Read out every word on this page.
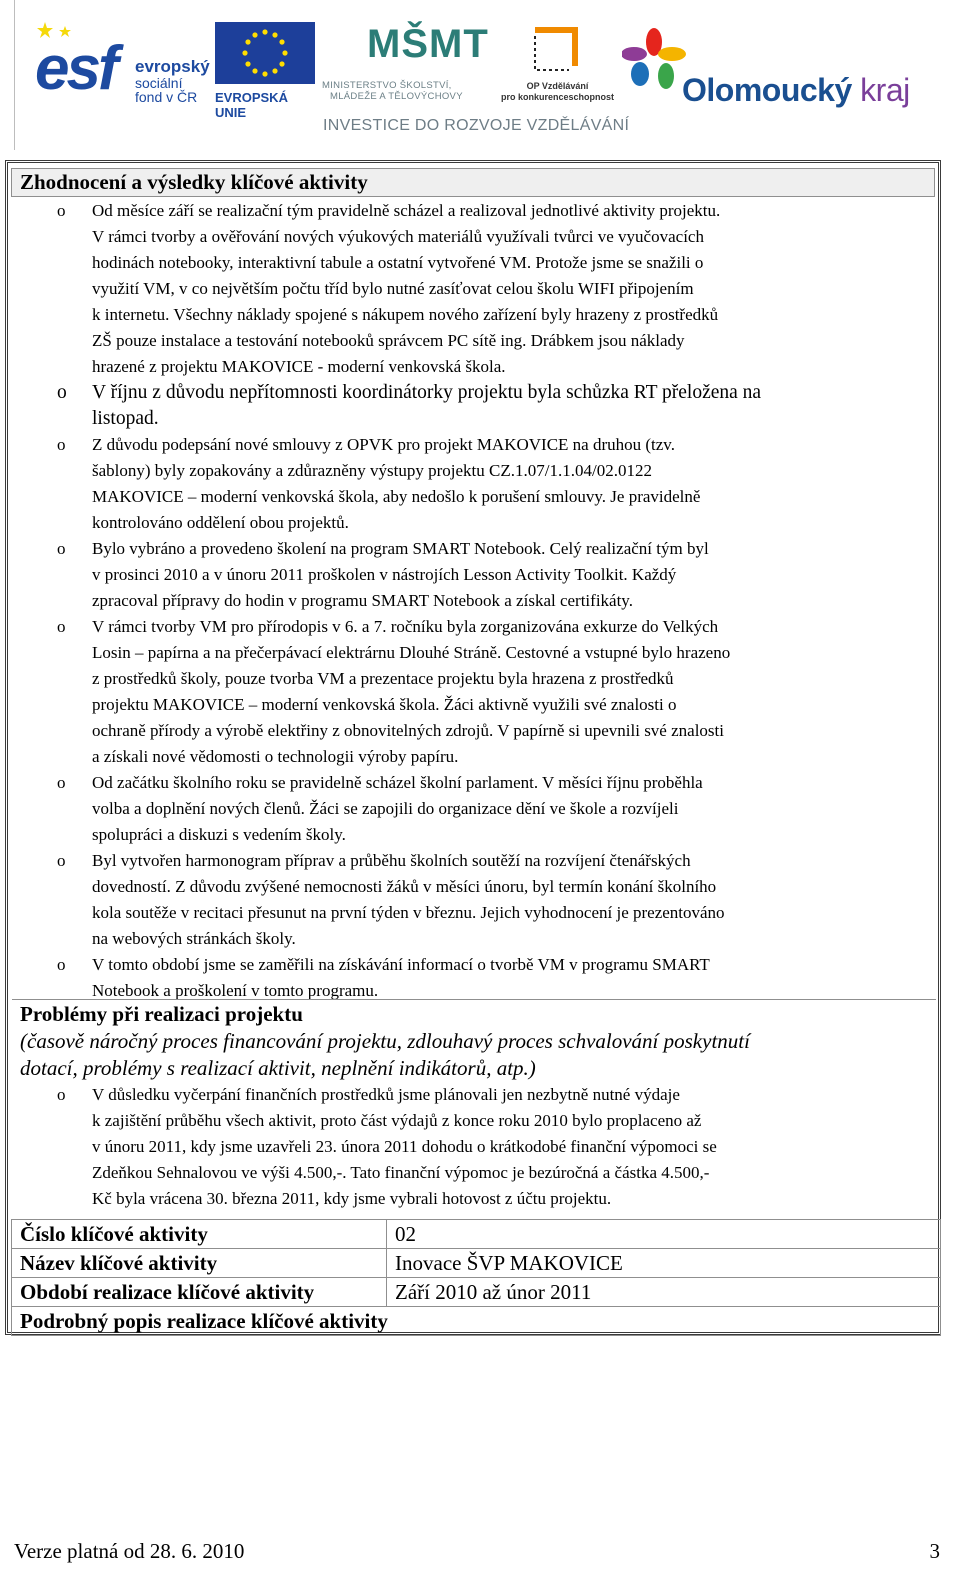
esf evropský
sociální
fond v ČR	EVROPSKÁ UNIE
MŠMT
MINISTERSTVO ŠKOLSTVÍ,
MLÁDEŽE A TĚLOVÝCHOVY
OP Vzdělávání
pro konkurenceschopnost Olomoucký kraj
INVESTICE DO ROZVOJE VZDĚLÁVÁNÍ
Zhodnocení a výsledky klíčové aktivity
o Od měsíce září se realizační tým pravidelně scházel a realizoval jednotlivé aktivity projektu.
V rámci tvorby a ověřování nových výukových materiálů využívali tvůrci ve vyučovacích
hodinách notebooky, interaktivní tabule a ostatní vytvořené VM. Protože jsme se snažili o
využití VM, v co největším počtu tříd bylo nutné zasíťovat celou školu WIFI připojením
k internetu. Všechny náklady spojené s nákupem nového zařízení byly hrazeny z prostředků
ZŠ pouze instalace a testování notebooků správcem PC sítě ing. Drábkem jsou náklady
hrazené z projektu MAKOVICE - moderní venkovská škola.
o V říjnu z důvodu nepřítomnosti koordinátorky projektu byla schůzka RT přeložena na
listopad.
o Z důvodu podepsání nové smlouvy z OPVK pro projekt MAKOVICE na druhou (tzv.
šablony) byly zopakovány a zdůrazněny výstupy projektu CZ.1.07/1.1.04/02.0122
MAKOVICE – moderní venkovská škola, aby nedošlo k porušení smlouvy. Je pravidelně
kontrolováno oddělení obou projektů.
o Bylo vybráno a provedeno školení na program SMART Notebook. Celý realizační tým byl
v prosinci 2010 a v únoru 2011 proškolen v nástrojích Lesson Activity Toolkit. Každý
zpracoval přípravy do hodin v programu SMART Notebook a získal certifikáty.
o V rámci tvorby VM pro přírodopis v 6. a 7. ročníku byla zorganizována exkurze do Velkých
Losin – papírna a na přečerpávací elektrárnu Dlouhé Stráně. Cestovné a vstupné bylo hrazeno
z prostředků školy, pouze tvorba VM a prezentace projektu byla hrazena z prostředků
projektu MAKOVICE – moderní venkovská škola. Žáci aktivně využili své znalosti o
ochraně přírody a výrobě elektřiny z obnovitelných zdrojů. V papírně si upevnili své znalosti
a získali nové vědomosti o technologii výroby papíru.
o Od začátku školního roku se pravidelně scházel školní parlament. V měsíci říjnu proběhla
volba a doplnění nových členů. Žáci se zapojili do organizace dění ve škole a rozvíjeli
spolupráci a diskuzi s vedením školy.
o Byl vytvořen harmonogram příprav a průběhu školních soutěží na rozvíjení čtenářských
dovedností. Z důvodu zvýšené nemocnosti žáků v měsíci únoru, byl termín konání školního
kola soutěže v recitaci přesunut na první týden v březnu. Jejich vyhodnocení je prezentováno
na webových stránkách školy.
o V tomto období jsme se zaměřili na získávání informací o tvorbě VM v programu SMART
Notebook a proškolení v tomto programu.
Problémy při realizaci projektu
(časově náročný proces financování projektu, zdlouhavý proces schvalování poskytnutí
dotací, problémy s realizací aktivit, neplnění indikátorů, atp.)
o V důsledku vyčerpání finančních prostředků jsme plánovali jen nezbytně nutné výdaje
k zajištění průběhu všech aktivit, proto část výdajů z konce roku 2010 bylo proplaceno až
v únoru 2011, kdy jsme uzavřeli 23. února 2011 dohodu o krátkodobé finanční výpomoci se
Zdeňkou Sehnalovou ve výši 4.500,-. Tato finanční výpomoc je bezúročná a částka 4.500,-
Kč byla vrácena 30. března 2011, kdy jsme vybrali hotovost z účtu projektu.
Číslo klíčové aktivity	02
Název klíčové aktivity	Inovace ŠVP MAKOVICE
Období realizace klíčové aktivity	Září 2010 až únor 2011
Podrobný popis realizace klíčové aktivity	
Verze platná od 28. 6. 2010	3
